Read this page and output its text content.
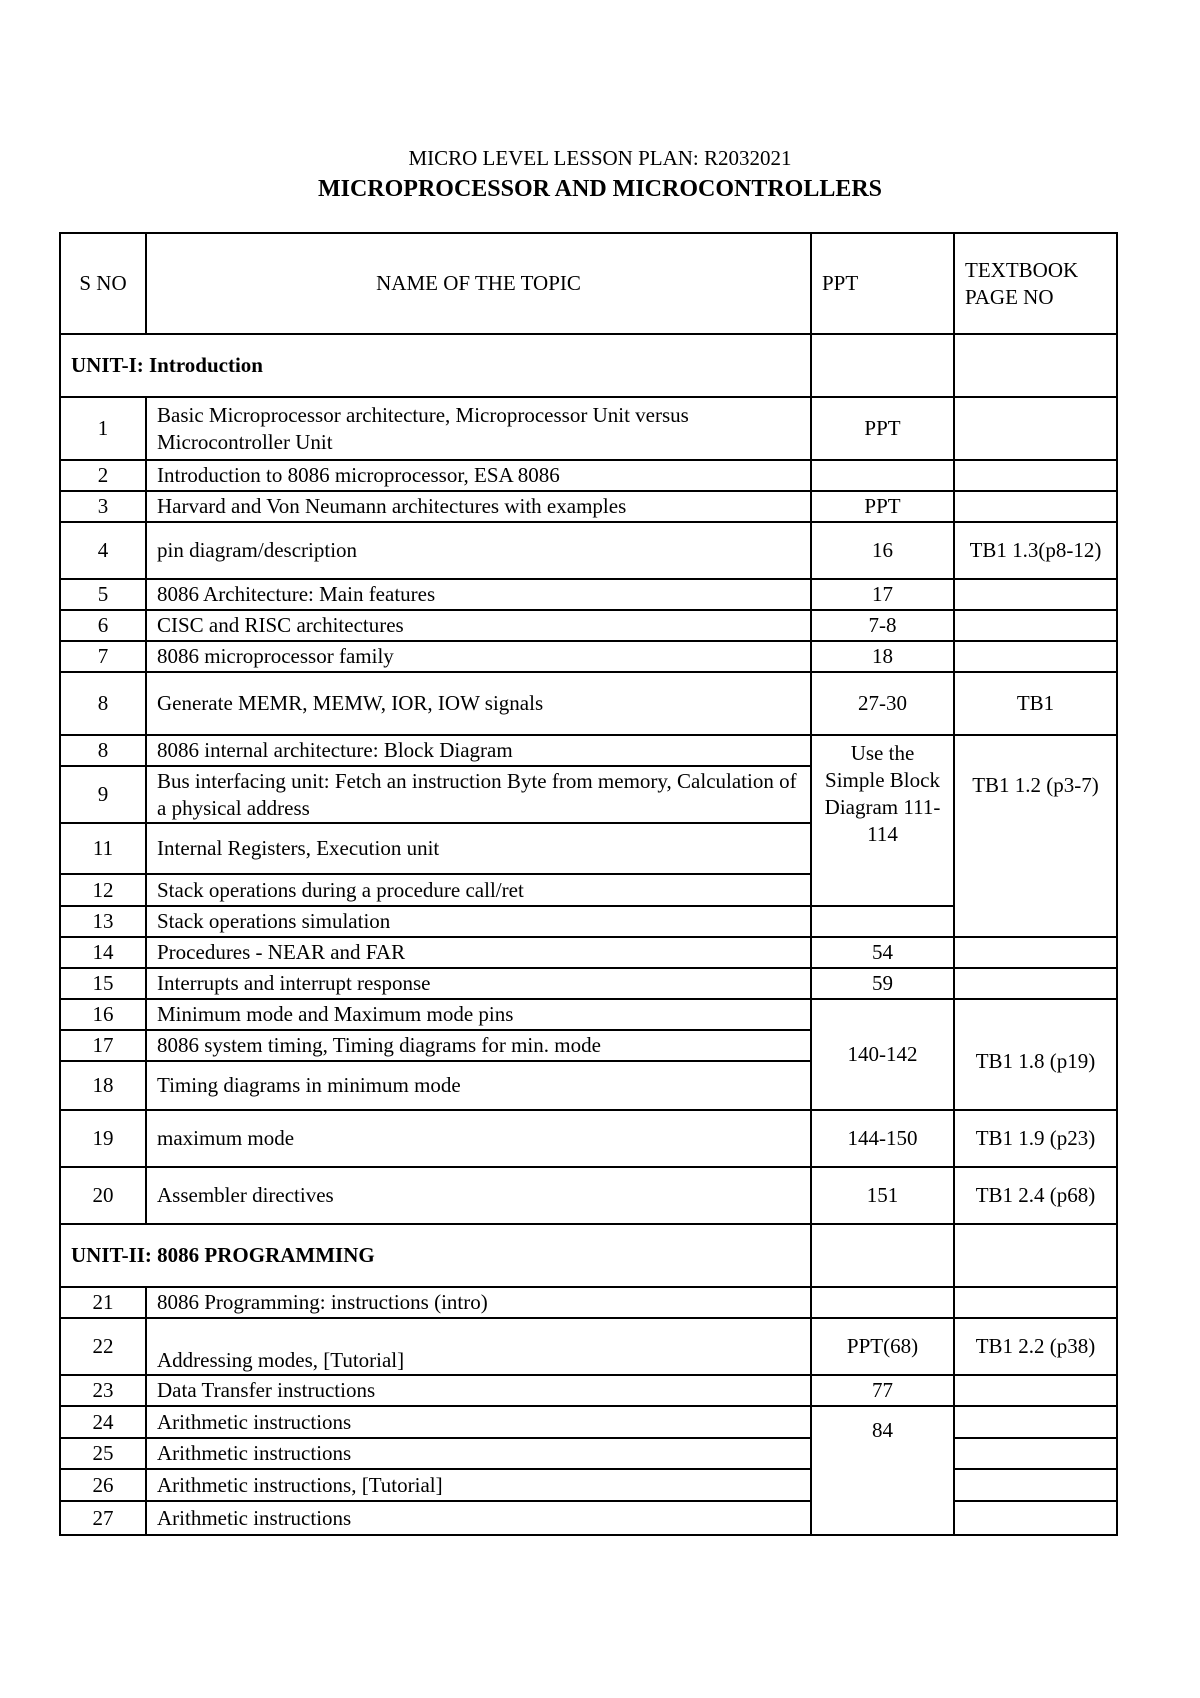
MICRO LEVEL LESSON PLAN: R2032021
MICROPROCESSOR AND MICROCONTROLLERS
S NO	NAME OF THE TOPIC	PPT	TEXTBOOK PAGE NO
UNIT-I: Introduction			
1	Basic Microprocessor architecture, Microprocessor Unit versus Microcontroller Unit	PPT	
2	Introduction to 8086 microprocessor, ESA 8086		
3	Harvard and Von Neumann architectures with examples	PPT	
4	pin diagram/description	16	TB1 1.3(p8-12)
5	8086 Architecture: Main features	17	
6	CISC and RISC architectures	7-8	
7	8086 microprocessor family	18	
8	Generate MEMR, MEMW, IOR, IOW signals	27-30	TB1
8	8086 internal architecture: Block Diagram	Use the Simple Block Diagram 111-114	TB1 1.2 (p3-7)
9	Bus interfacing unit: Fetch an instruction Byte from memory, Calculation of a physical address		
11	Internal Registers, Execution unit		
12	Stack operations during a procedure call/ret		
13	Stack operations simulation		
14	Procedures - NEAR and FAR	54	
15	Interrupts and interrupt response	59	
16	Minimum mode and Maximum mode pins	140-142	TB1 1.8 (p19)
17	8086 system timing, Timing diagrams for min. mode		
18	Timing diagrams in minimum mode		
19	maximum mode	144-150	TB1 1.9 (p23)
20	Assembler directives	151	TB1 2.4 (p68)
UNIT-II: 8086 PROGRAMMING			
21	8086 Programming: instructions (intro)		
22	Addressing modes, [Tutorial]	PPT(68)	TB1 2.2 (p38)
23	Data Transfer instructions	77	
24	Arithmetic instructions	84	
25	Arithmetic instructions		
26	Arithmetic instructions, [Tutorial]		
27	Arithmetic instructions		
